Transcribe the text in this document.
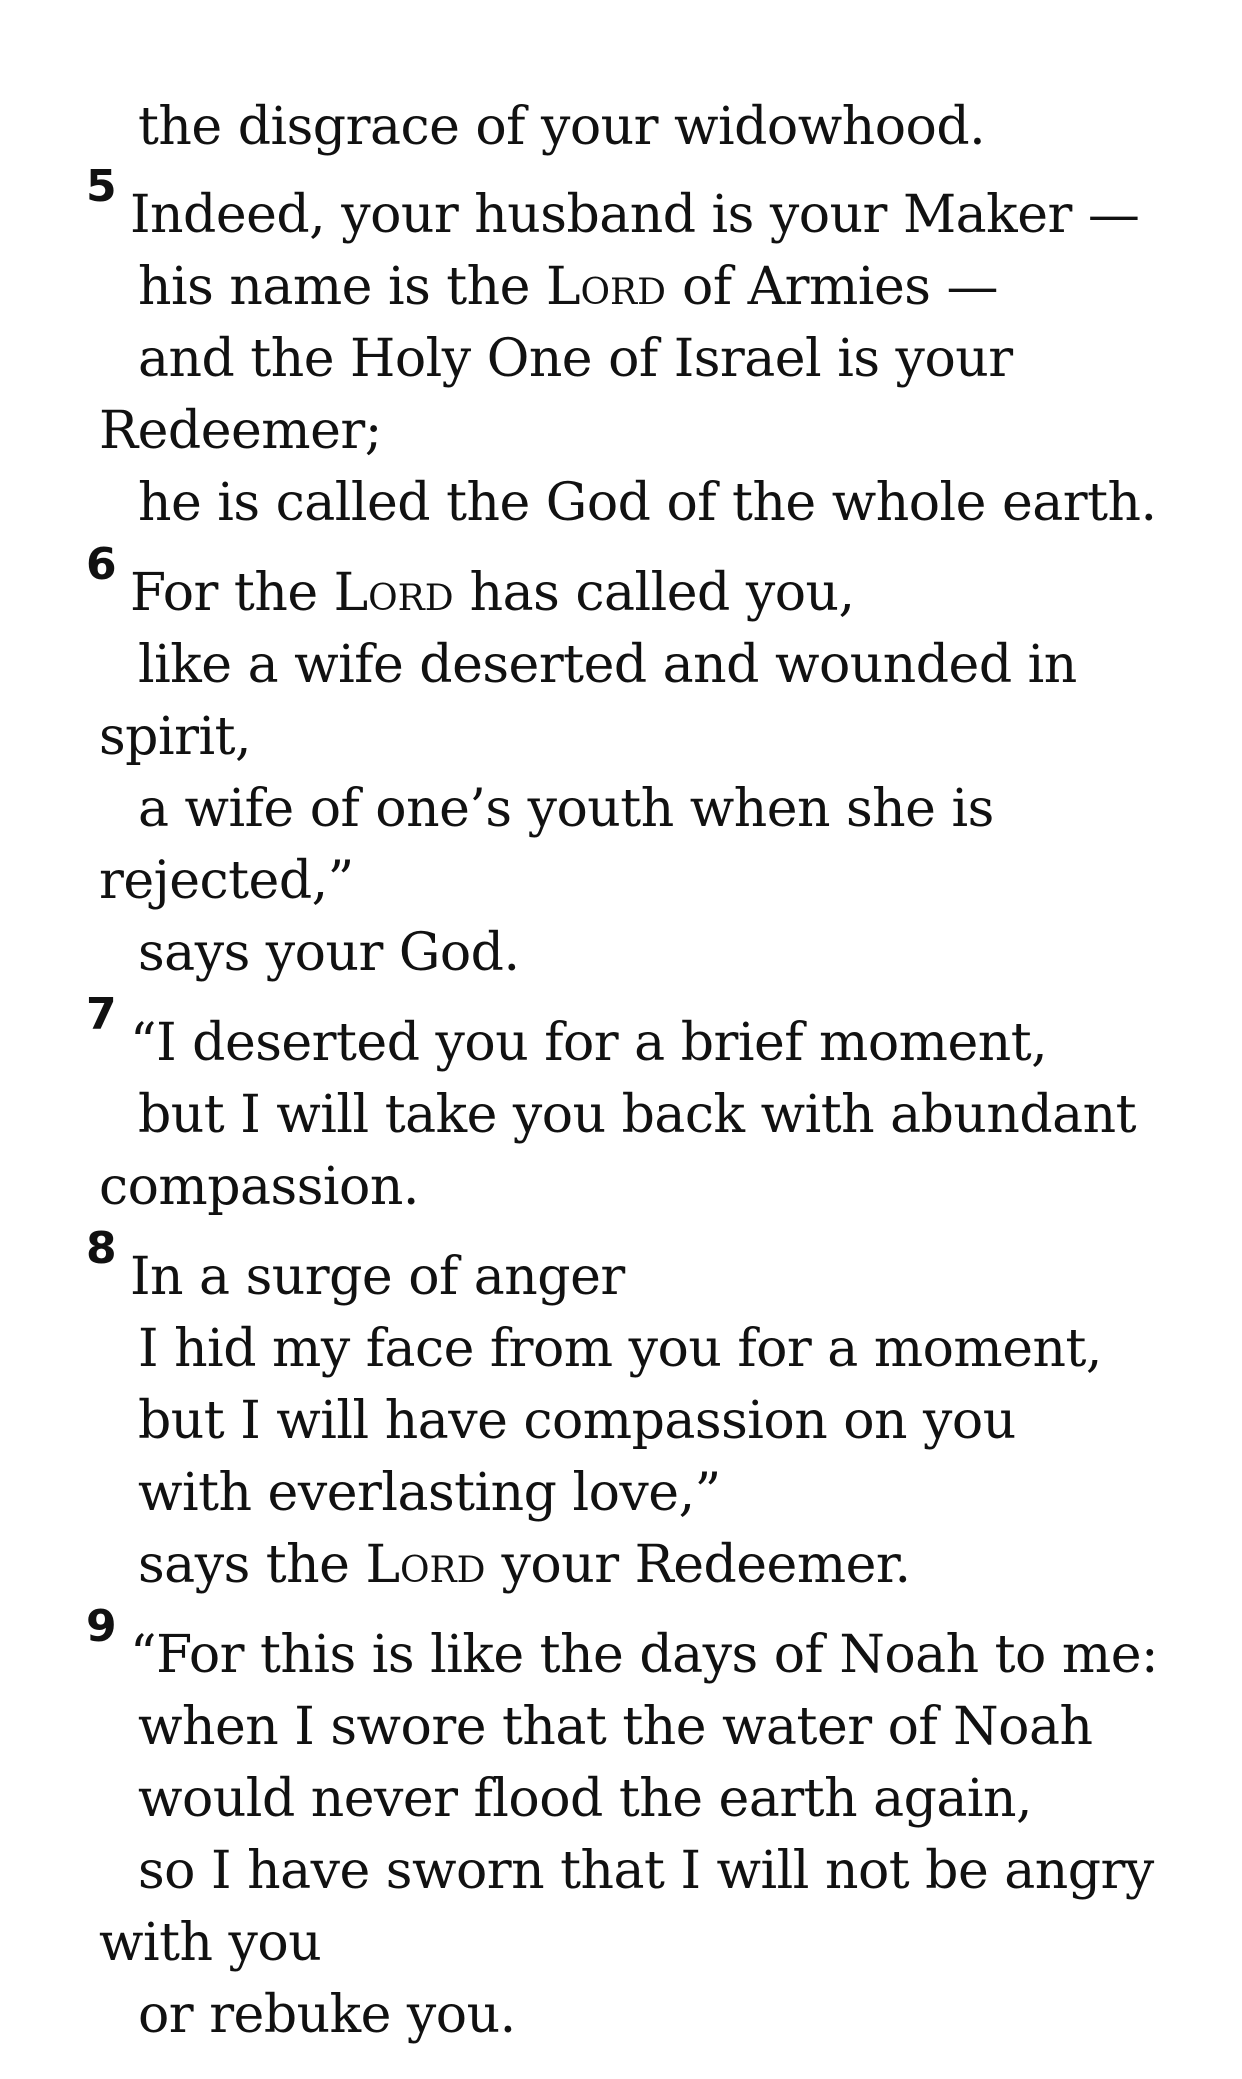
the disgrace of your widowhood.
5 Indeed, your husband is your Maker —
his name is the Lord of Armies —
and the Holy One of Israel is your
Redeemer;
he is called the God of the whole earth.
6 For the Lord has called you,
like a wife deserted and wounded in
spirit,
a wife of one’s youth when she is
rejected,”
says your God.
7 “I deserted you for a brief moment,
but I will take you back with abundant
compassion.
8 In a surge of anger
I hid my face from you for a moment,
but I will have compassion on you
with everlasting love,”
says the Lord your Redeemer.
9 “For this is like the days of Noah to me:
when I swore that the water of Noah
would never flood the earth again,
so I have sworn that I will not be angry
with you
or rebuke you.
